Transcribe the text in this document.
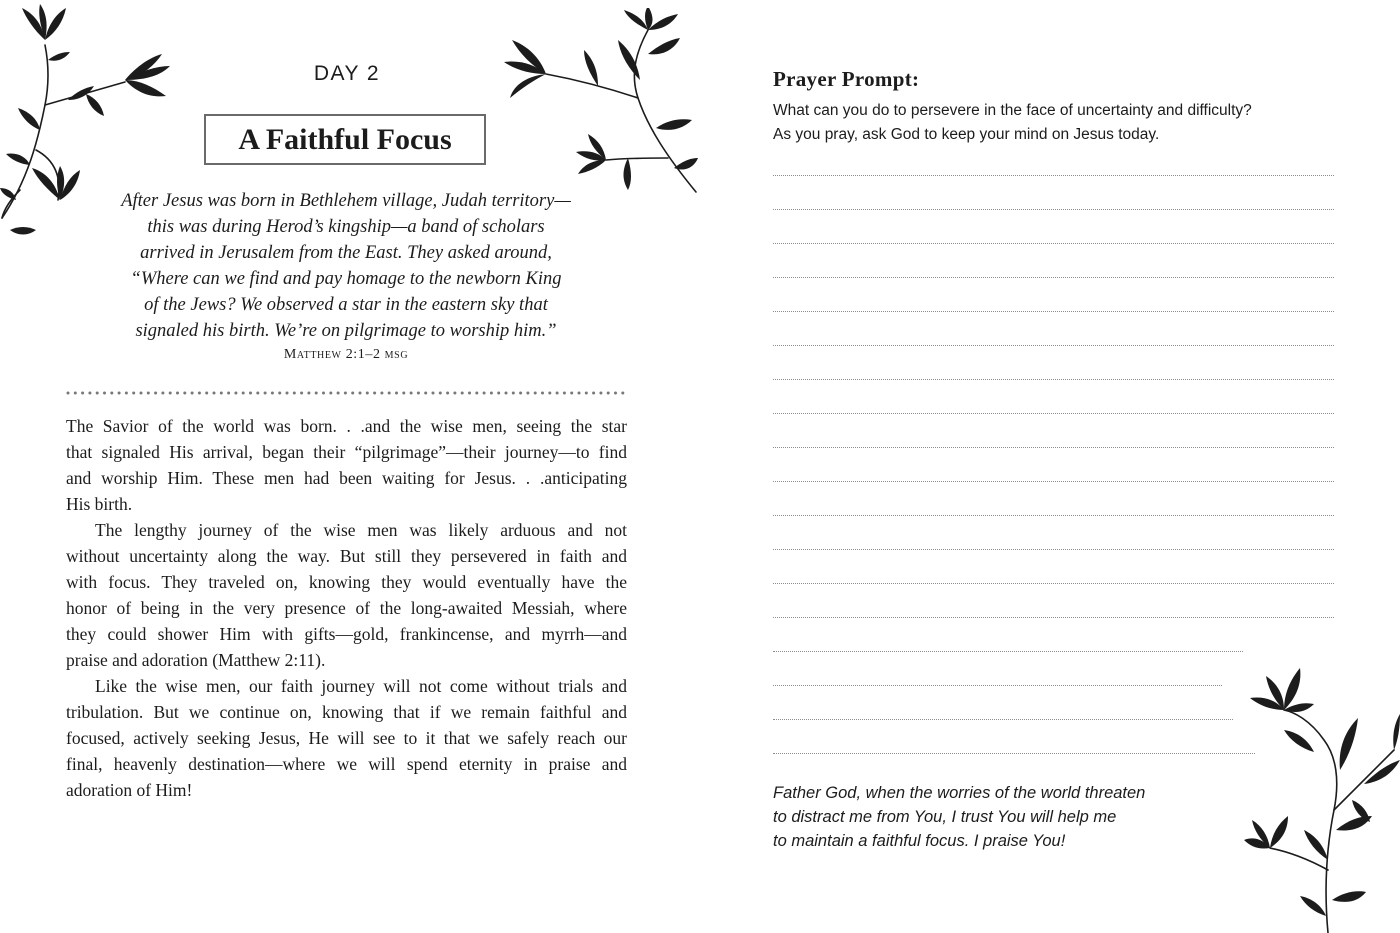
DAY 2
A Faithful Focus
After Jesus was born in Bethlehem village, Judah territory—
this was during Herod’s kingship—a band of scholars
arrived in Jerusalem from the East. They asked around,
“Where can we find and pay homage to the newborn King
of the Jews? We observed a star in the eastern sky that
signaled his birth. We’re on pilgrimage to worship him.”
Matthew 2:1–2 msg
The Savior of the world was born. . .and the wise men, seeing the star
that signaled His arrival, began their “pilgrimage”—their journey—to find
and worship Him. These men had been waiting for Jesus. . .anticipating
His birth.
The lengthy journey of the wise men was likely arduous and not
without uncertainty along the way. But still they persevered in faith and
with focus. They traveled on, knowing they would eventually have the
honor of being in the very presence of the long-awaited Messiah, where
they could shower Him with gifts—gold, frankincense, and myrrh—and
praise and adoration (Matthew 2:11).
Like the wise men, our faith journey will not come without trials and
tribulation. But we continue on, knowing that if we remain faithful and
focused, actively seeking Jesus, He will see to it that we safely reach our
final, heavenly destination—where we will spend eternity in praise and
adoration of Him!
Prayer Prompt:
What can you do to persevere in the face of uncertainty and difficulty?
As you pray, ask God to keep your mind on Jesus today.
Father God, when the worries of the world threaten
to distract me from You, I trust You will help me
to maintain a faithful focus. I praise You!
